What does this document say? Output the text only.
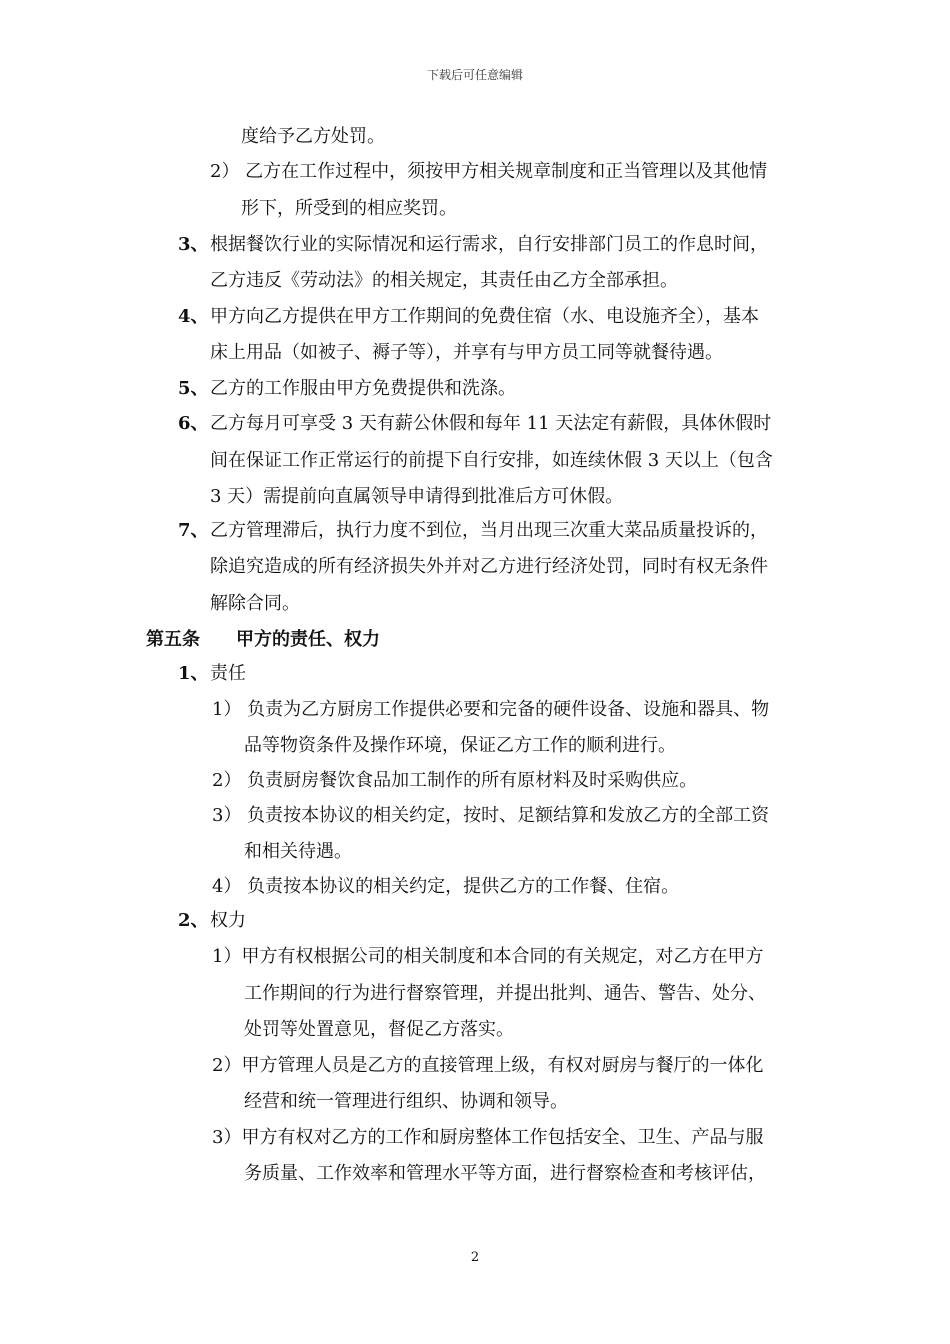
下载后可任意编辑
度给予乙方处罚。
2） 乙方在工作过程中，须按甲方相关规章制度和正当管理以及其他情
形下，所受到的相应奖罚。
3、 根据餐饮行业的实际情况和运行需求，自行安排部门员工的作息时间，
乙方违反《劳动法》的相关规定，其责任由乙方全部承担。
4、 甲方向乙方提供在甲方工作期间的免费住宿（水、电设施齐全），基本
床上用品（如被子、褥子等），并享有与甲方员工同等就餐待遇。
5、 乙方的工作服由甲方免费提供和洗涤。
6、 乙方每月可享受 3 天有薪公休假和每年 11 天法定有薪假，具体休假时
间在保证工作正常运行的前提下自行安排，如连续休假 3 天以上（包含
3 天）需提前向直属领导申请得到批准后方可休假。
7、 乙方管理滞后，执行力度不到位，当月出现三次重大菜品质量投诉的，
除追究造成的所有经济损失外并对乙方进行经济处罚，同时有权无条件
解除合同。
第五条　　甲方的责任、权力
1、 责任
1） 负责为乙方厨房工作提供必要和完备的硬件设备、设施和器具、物
品等物资条件及操作环境，保证乙方工作的顺利进行。
2） 负责厨房餐饮食品加工制作的所有原材料及时采购供应。
3） 负责按本协议的相关约定，按时、足额结算和发放乙方的全部工资
和相关待遇。
4） 负责按本协议的相关约定，提供乙方的工作餐、住宿。
2、 权力
1）甲方有权根据公司的相关制度和本合同的有关规定，对乙方在甲方
工作期间的行为进行督察管理，并提出批判、通告、警告、处分、
处罚等处置意见，督促乙方落实。
2）甲方管理人员是乙方的直接管理上级，有权对厨房与餐厅的一体化
经营和统一管理进行组织、协调和领导。
3）甲方有权对乙方的工作和厨房整体工作包括安全、卫生、产品与服
务质量、工作效率和管理水平等方面，进行督察检查和考核评估，
2
